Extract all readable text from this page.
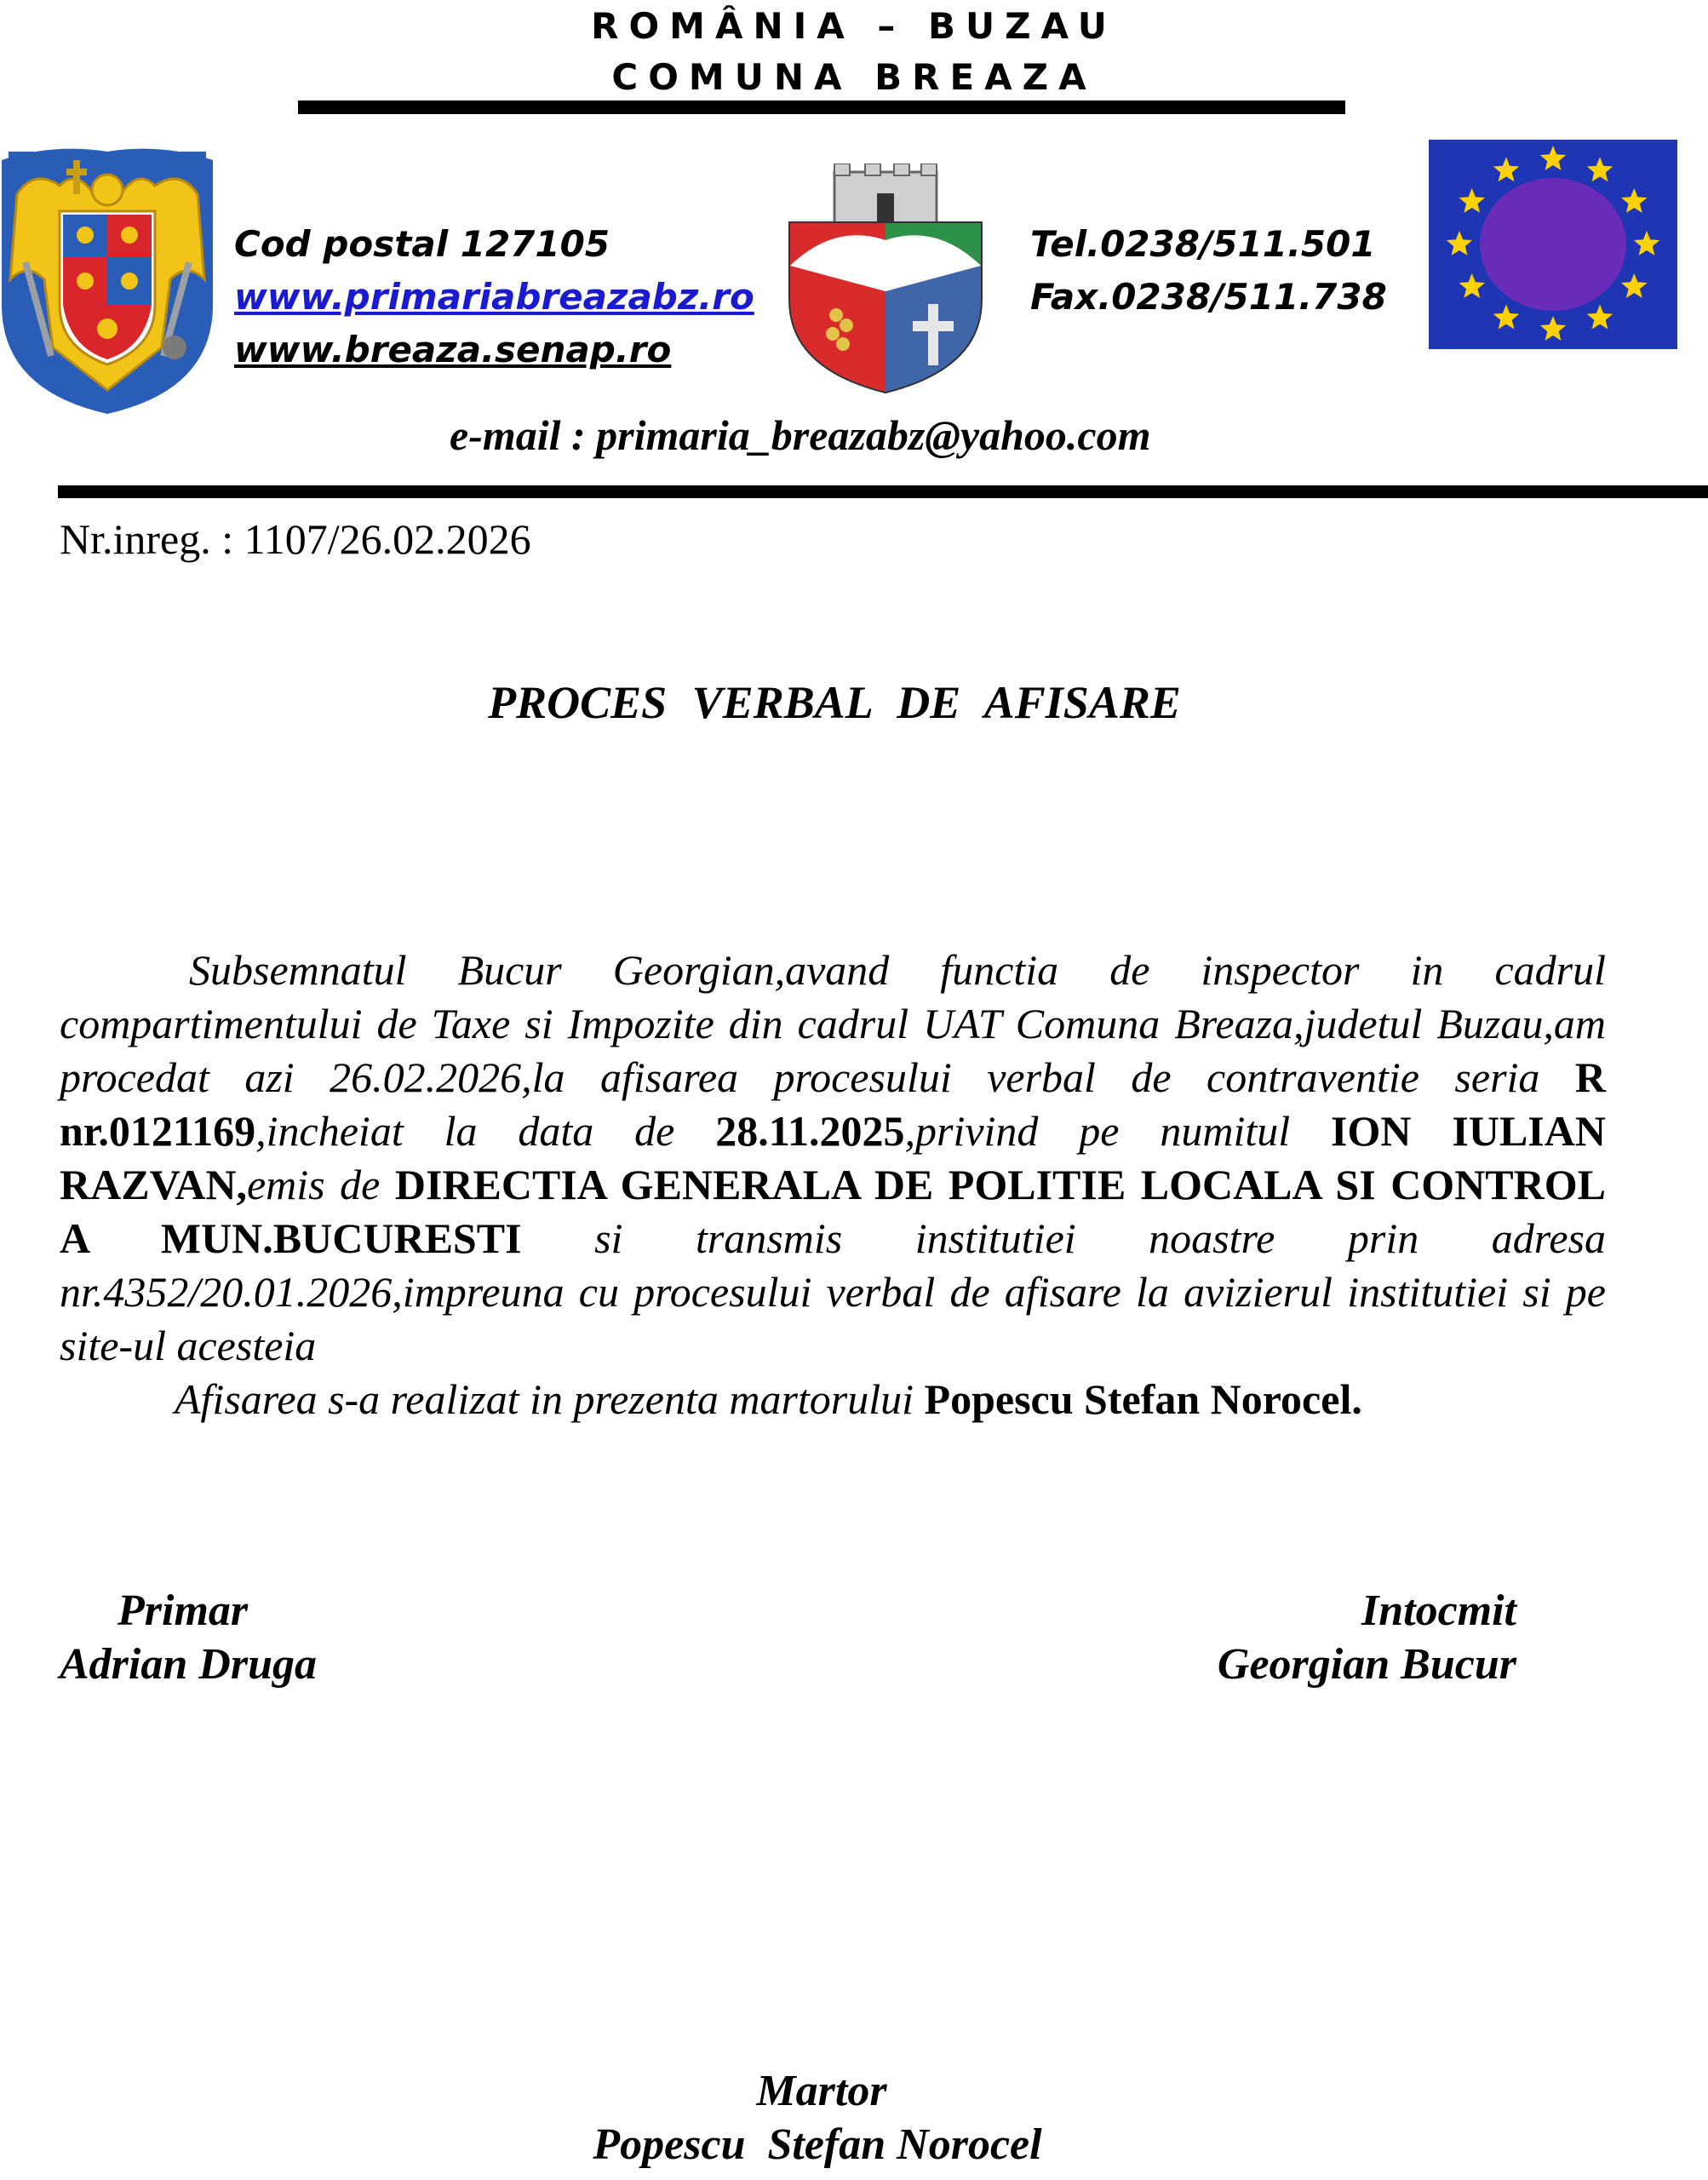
ROMÂNIA – BUZAU
COMUNA BREAZA
Cod postal 127105
www.primariabreazabz.ro
www.breaza.senap.ro
Tel.0238/511.501
Fax.0238/511.738
e-mail : primaria_breazabz@yahoo.com
Nr.inreg. : 1107/26.02.2026
PROCES VERBAL DE AFISARE
Subsemnatul Bucur Georgian,avand functia de inspector in cadrul compartimentului de Taxe si Impozite din cadrul UAT Comuna Breaza,judetul Buzau,am procedat azi 26.02.2026,la afisarea procesului verbal de contraventie seria R nr.0121169,incheiat la data de 28.11.2025,privind pe numitul ION IULIAN RAZVAN,emis de DIRECTIA GENERALA DE POLITIE LOCALA SI CONTROL A MUN.BUCURESTI si transmis institutiei noastre prin adresa nr.4352/20.01.2026,impreuna cu procesului verbal de afisare la avizierul institutiei si pe site-ul acesteia
Afisarea s-a realizat in prezenta martorului Popescu Stefan Norocel.
Primar
Adrian Druga
Intocmit
Georgian Bucur
Martor
Popescu  Stefan Norocel
